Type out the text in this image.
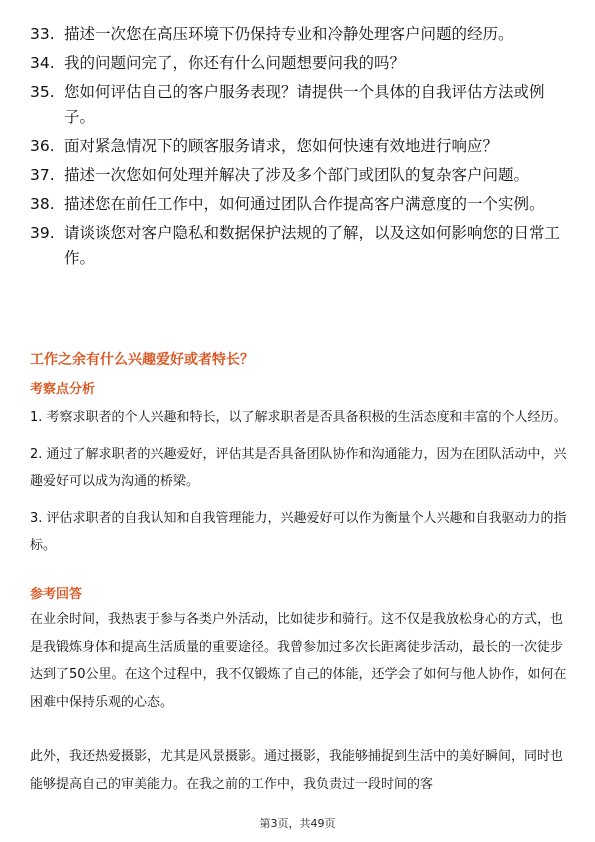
33. 描述一次您在高压环境下仍保持专业和冷静处理客户问题的经历。
34. 我的问题问完了，你还有什么问题想要问我的吗？
35. 您如何评估自己的客户服务表现？请提供一个具体的自我评估方法或例子。
36. 面对紧急情况下的顾客服务请求，您如何快速有效地进行响应？
37. 描述一次您如何处理并解决了涉及多个部门或团队的复杂客户问题。
38. 描述您在前任工作中，如何通过团队合作提高客户满意度的一个实例。
39. 请谈谈您对客户隐私和数据保护法规的了解，以及这如何影响您的日常工作。
工作之余有什么兴趣爱好或者特长？
考察点分析
1. 考察求职者的个人兴趣和特长，以了解求职者是否具备积极的生活态度和丰富的个人经历。
2. 通过了解求职者的兴趣爱好，评估其是否具备团队协作和沟通能力，因为在团队活动中，兴趣爱好可以成为沟通的桥梁。
3. 评估求职者的自我认知和自我管理能力，兴趣爱好可以作为衡量个人兴趣和自我驱动力的指标。
参考回答
在业余时间，我热衷于参与各类户外活动，比如徒步和骑行。这不仅是我放松身心的方式，也是我锻炼身体和提高生活质量的重要途径。我曾参加过多次长距离徒步活动，最长的一次徒步达到了50公里。在这个过程中，我不仅锻炼了自己的体能，还学会了如何与他人协作，如何在困难中保持乐观的心态。
此外，我还热爱摄影，尤其是风景摄影。通过摄影，我能够捕捉到生活中的美好瞬间，同时也能够提高自己的审美能力。在我之前的工作中，我负责过一段时间的客
第3页，共49页
